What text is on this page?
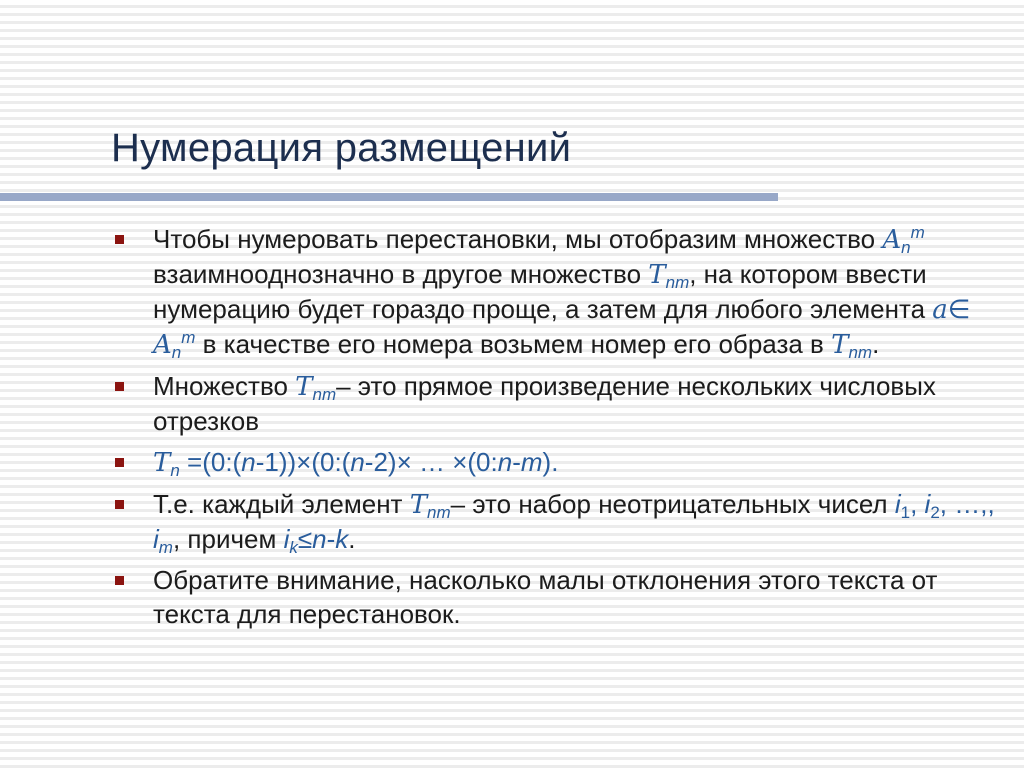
Нумерация размещений
Чтобы нумеровать перестановки, мы отобразим множество $A_n^m$ взаимнооднозначно в другое множество $T_{nm}$, на котором ввести нумерацию будет гораздо проще, а затем для любого элемента a∈ $A_n^m$ в качестве его номера возьмем номер его образа в $T_{nm}$.
Множество $T_{nm}-$ это прямое произведение нескольких числовых отрезков
$T_n$ =(0:(n-1))×(0:(n-2)× … ×(0:n-m).
Т.е. каждый элемент $T_{nm}-$ это набор неотрицательных чисел $i_1$, $i_2$, …,, $i_m$, причем $i_k\le n-k$.
Обратите внимание, насколько малы отклонения этого текста от текста для перестановок.
